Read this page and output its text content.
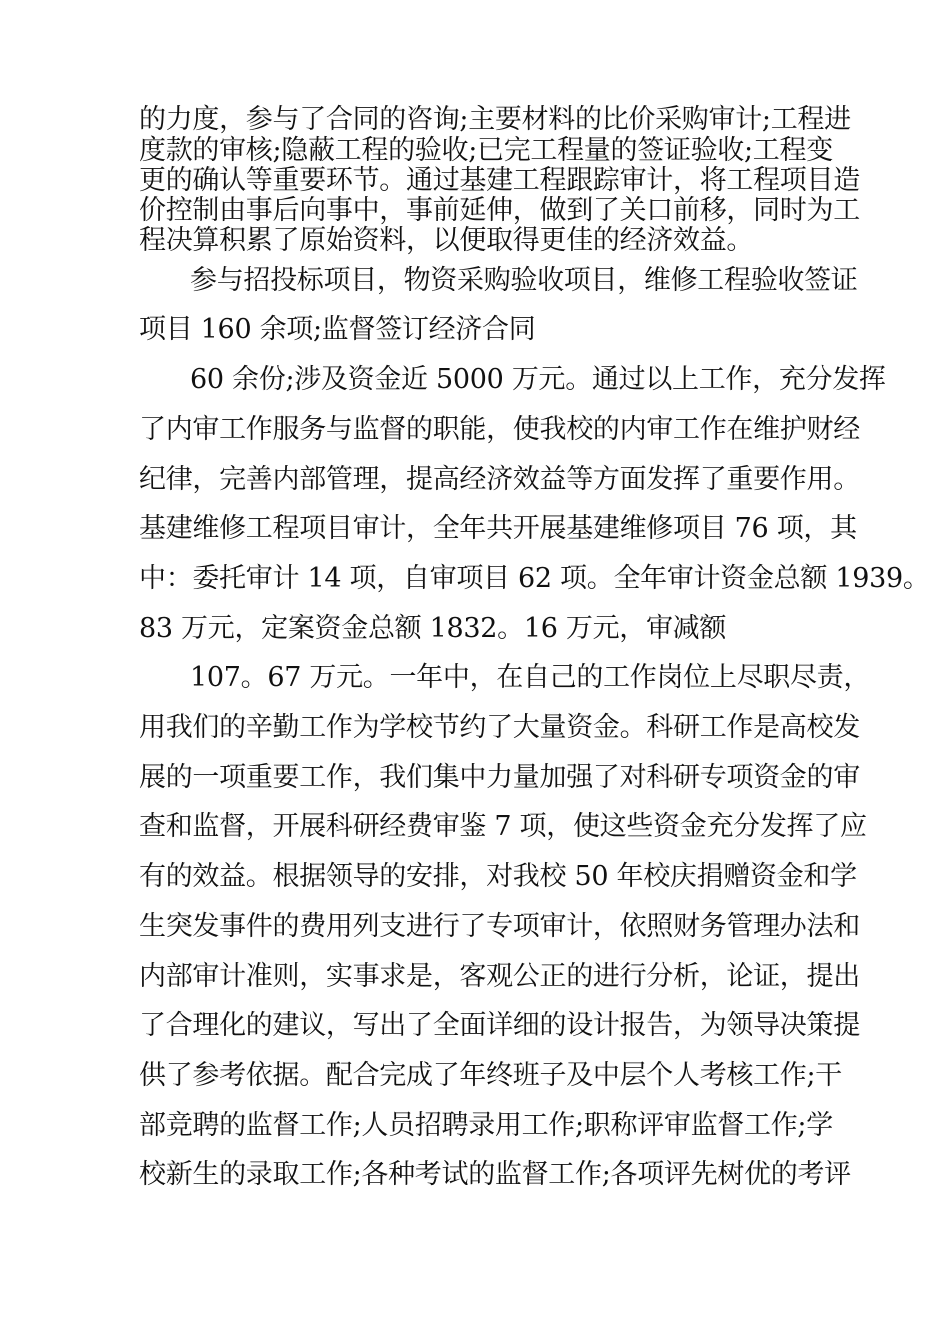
的力度，参与了合同的咨询;主要材料的比价采购审计;工程进

度款的审核;隐蔽工程的验收;已完工程量的签证验收;工程变

更的确认等重要环节。通过基建工程跟踪审计，将工程项目造

价控制由事后向事中，事前延伸，做到了关口前移，同时为工

程决算积累了原始资料，以便取得更佳的经济效益。

参与招投标项目，物资采购验收项目，维修工程验收签证

项目 160 余项;监督签订经济合同

60 余份;涉及资金近 5000 万元。通过以上工作，充分发挥

了内审工作服务与监督的职能，使我校的内审工作在维护财经

纪律，完善内部管理，提高经济效益等方面发挥了重要作用。

基建维修工程项目审计，全年共开展基建维修项目 76 项，其

中：委托审计 14 项，自审项目 62 项。全年审计资金总额 1939。

83 万元，定案资金总额 1832。16 万元，审减额

107。67 万元。一年中，在自己的工作岗位上尽职尽责，

用我们的辛勤工作为学校节约了大量资金。科研工作是高校发

展的一项重要工作，我们集中力量加强了对科研专项资金的审

查和监督，开展科研经费审鉴 7 项，使这些资金充分发挥了应

有的效益。根据领导的安排，对我校 50 年校庆捐赠资金和学

生突发事件的费用列支进行了专项审计，依照财务管理办法和

内部审计准则，实事求是，客观公正的进行分析，论证，提出

了合理化的建议，写出了全面详细的设计报告，为领导决策提

供了参考依据。配合完成了年终班子及中层个人考核工作;干

部竞聘的监督工作;人员招聘录用工作;职称评审监督工作;学

校新生的录取工作;各种考试的监督工作;各项评先树优的考评
